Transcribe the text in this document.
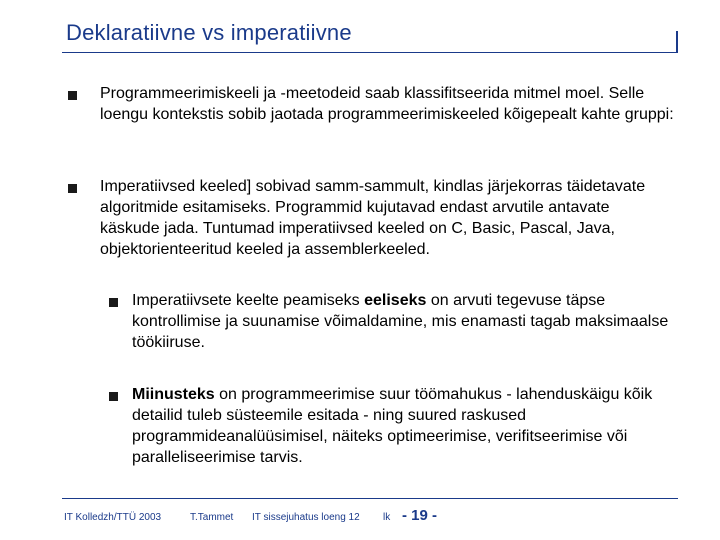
Deklaratiivne vs imperatiivne
Programmeerimiskeeli ja -meetodeid saab klassifitseerida mitmel moel. Selle loengu kontekstis sobib jaotada programmeerimiskeeled kõigepealt kahte gruppi:
Imperatiivsed keeled] sobivad samm-sammult, kindlas järjekorras täidetavate algoritmide esitamiseks. Programmid kujutavad endast arvutile antavate käskude jada. Tuntumad imperatiivsed keeled on C, Basic, Pascal, Java, objektorienteeritud keeled ja assemblerkeeled.
Imperatiivsete keelte peamiseks eeliseks on arvuti tegevuse täpse kontrollimise ja suunamise võimaldamine, mis enamasti tagab maksimaalse töökiiruse.
Miinusteks on programmeerimise suur töömahukus - lahenduskäigu kõik detailid tuleb süsteemile esitada - ning suured raskused programmideanalüüsimisel, näiteks optimeerimise, verifitseerimise või paralleliseerimise tarvis.
IT Kolledzh/TTÜ 2003	T.Tammet IT sissejuhatus loeng 12 lk - 19 -
